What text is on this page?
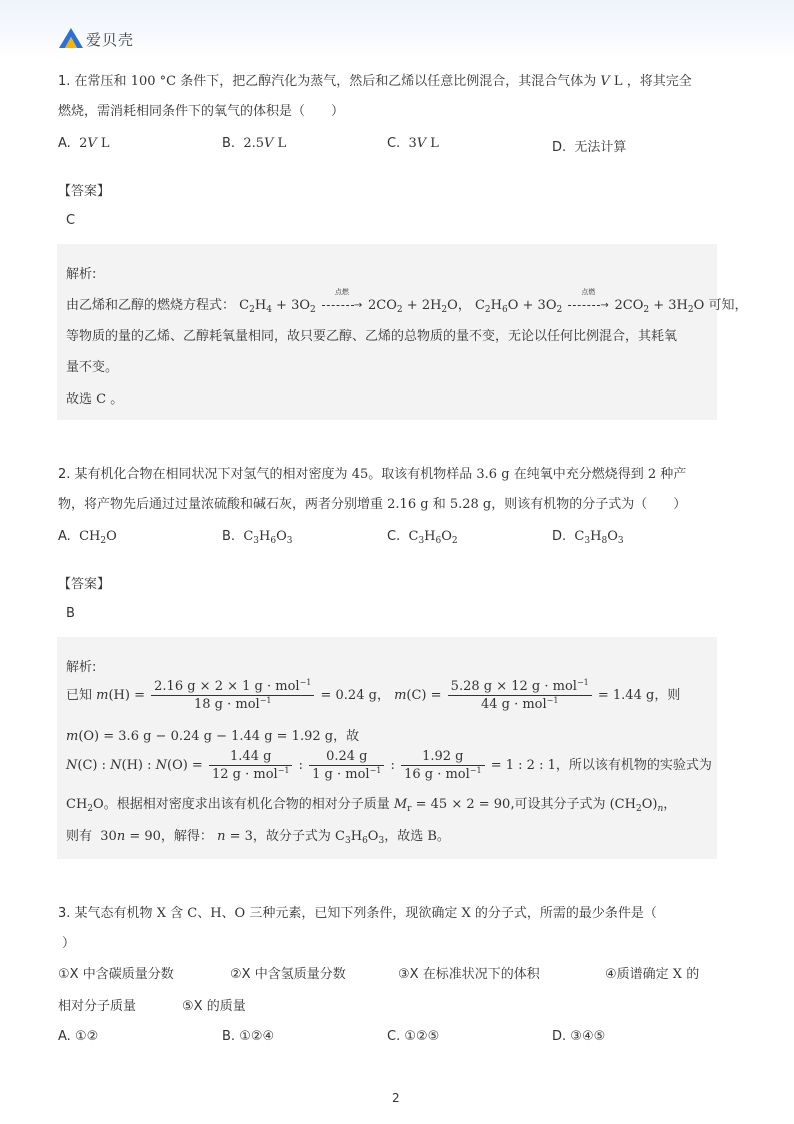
爱贝壳
1. 在常压和 100 °C 条件下，把乙醇汽化为蒸气，然后和乙烯以任意比例混合，其混合气体为 V L ，将其完全
燃烧，需消耗相同条件下的氧气的体积是（　　）
A. 2V L	B. 2.5V L	C. 3V L	D. 无法计算
【答案】
C
解析:
由乙烯和乙醇的燃烧方程式： $C_2H_4 + 3O_2$
点燃
→ $2CO_2 + 2H_2O$， $C_2H_6O + 3O_2$
点燃
→ $2CO_2 + 3H_2O$ 可知，
等物质的量的乙烯、乙醇耗氧量相同，故只要乙醇、乙烯的总物质的量不变，无论以任何比例混合，其耗氧
量不变。
故选 C 。
2. 某有机化合物在相同状况下对氢气的相对密度为 45。取该有机物样品 3.6 g 在纯氧中充分燃烧得到 2 种产
物，将产物先后通过过量浓硫酸和碱石灰，两者分别增重 2.16 g 和 5.28 g，则该有机物的分子式为（　　）
A. $CH_2O$	B. $C_3H_6O_3$	C. $C_3H_6O_2$	D. $C_3H_8O_3$
【答案】
B
解析:
已知 $m(H) = \frac{2.16 g \times 2 \times 1 g \cdot mol^{-1}}{18 g \cdot mol^{-1}} = 0.24$ g， $m(C) = \frac{5.28 g \times 12 g \cdot mol^{-1}}{44 g \cdot mol^{-1}} = 1.44$ g，则
m(O) = 3.6 g − 0.24 g − 1.44 g = 1.92 g，故
N(C) : N(H) : $N(O) = \frac{1.44 g}{12 g \cdot mol^{-1}}$ : $\frac{0.24 g}{1 g \cdot mol^{-1}}$ : $\frac{1.92 g}{16 g \cdot mol^{-1}} = 1$ : 2 : 1，所以该有机物的实验式为
$CH_2O$。根据相对密度求出该有机化合物的相对分子质量 $M_r = 45 \times 2 = 90$,可设其分子式为 $(CH_2O)_n$，
则有 30n = 90，解得： n = 3，故分子式为 $C_3H_6O_3$，故选 B。
3. 某气态有机物 X 含 C、H、O 三种元素，已知下列条件，现欲确定 X 的分子式，所需的最少条件是（
）
①X 中含碳质量分数	②X 中含氢质量分数	③X 在标准状况下的体积	④质谱确定 X 的
相对分子质量	⑤X 的质量
A. ①②	B. ①②④	C. ①②⑤	D. ③④⑤
2
